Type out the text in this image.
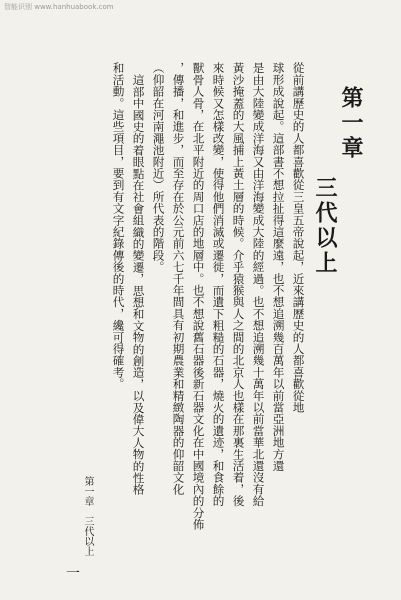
智能识别 www.hanhuabook.com
第一章
三代以上
從前講歷史的人都喜歡從三皇五帝說起，近來講歷史的人都喜歡從地
球形成說起。這部書不想拉扯得這麼遠，也不想追溯幾百萬年以前當亞洲地方還
是由大陸變成洋海又由洋海變成大陸的經過。也不想追溯幾十萬年以前當華北還沒有給
黃沙掩蓋的大風捕上黃土層的時候。介乎猿猴與人之間的北京人也樣在那裏生活着，後
來時候又怎樣改變，使得他們消滅或遷徙，而遺下粗糙的石器，燒火的遺迹，和食餘的
獸骨人骨，在北平附近的周口店的地層中。也不想說舊石器後新石器文化在中國境內的分佈
，傳播，和進步，而至存在於公元前六七千年間具有初期農業和精緻陶器的仰韶文化
（仰韶在河南澠池附近）所代表的階段。
這部中國史的着眼點在社會組織的變遷，思想和文物的創造，以及偉大人物的性格
和活動。這些項目，要到有文字紀錄傳後的時代，纔可得確考。
第一章　三代以上
一
